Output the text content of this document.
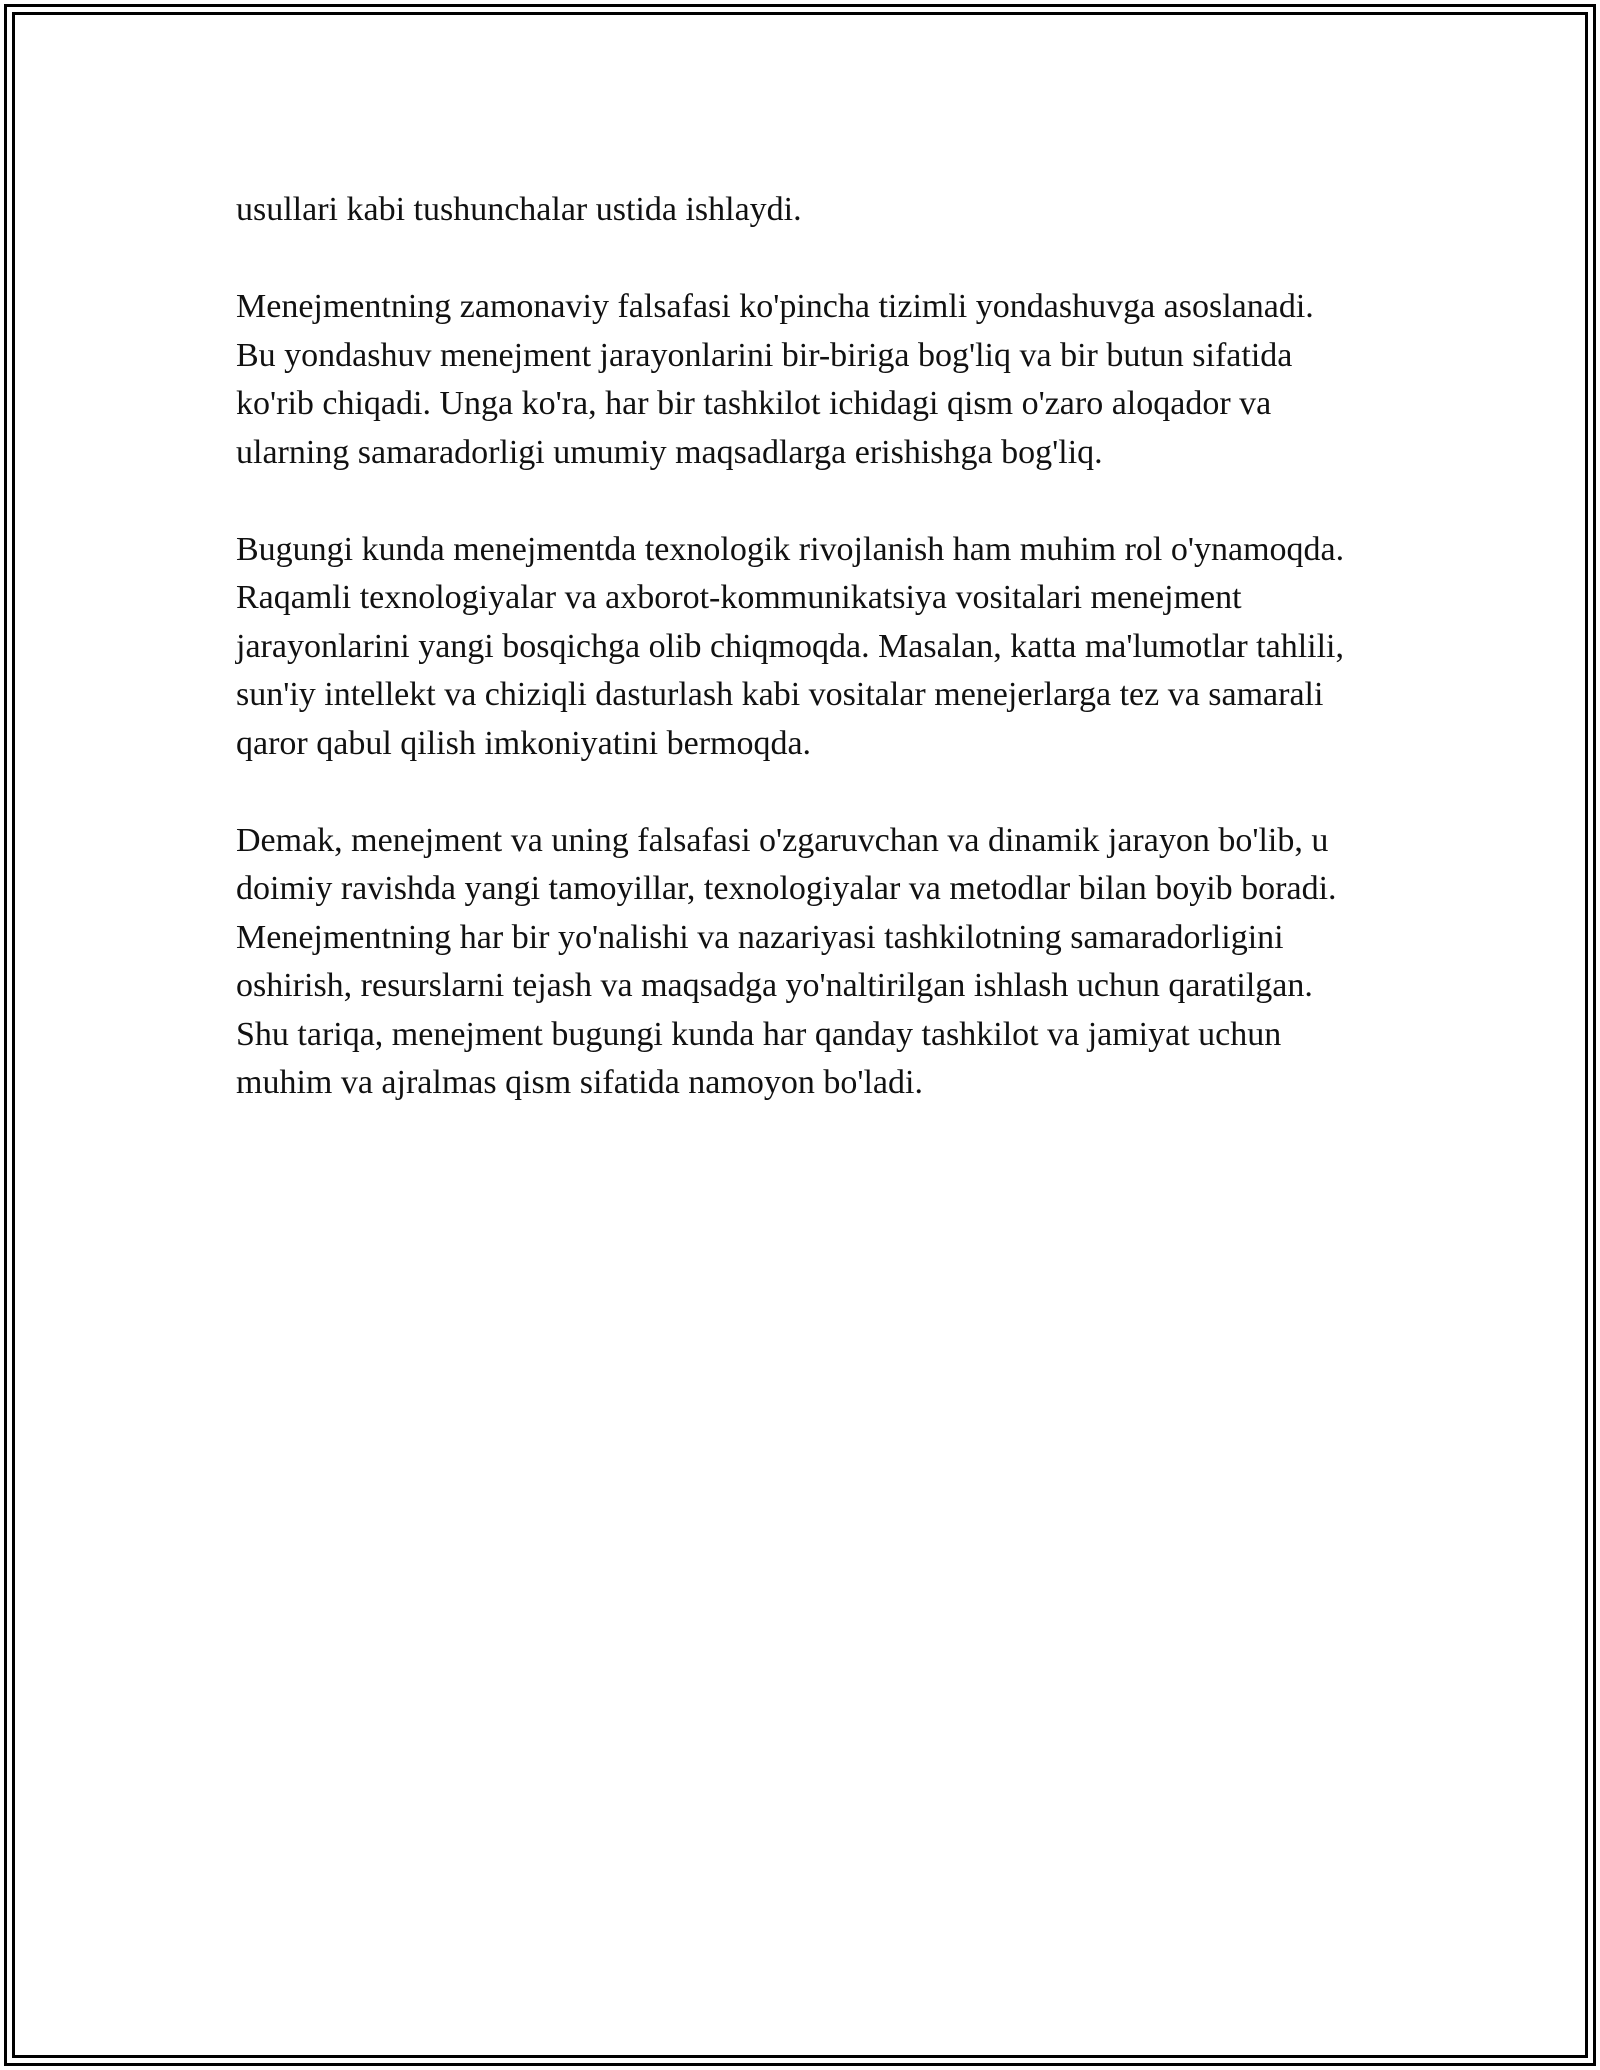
usullari kabi tushunchalar ustida ishlaydi.

Menejmentning zamonaviy falsafasi ko'pincha tizimli yondashuvga asoslanadi. Bu yondashuv menejment jarayonlarini bir-biriga bog'liq va bir butun sifatida ko'rib chiqadi. Unga ko'ra, har bir tashkilot ichidagi qism o'zaro aloqador va ularning samaradorligi umumiy maqsadlarga erishishga bog'liq.

Bugungi kunda menejmentda texnologik rivojlanish ham muhim rol o'ynamoqda. Raqamli texnologiyalar va axborot-kommunikatsiya vositalari menejment jarayonlarini yangi bosqichga olib chiqmoqda. Masalan, katta ma'lumotlar tahlili, sun'iy intellekt va chiziqli dasturlash kabi vositalar menejerlarga tez va samarali qaror qabul qilish imkoniyatini bermoqda.

Demak, menejment va uning falsafasi o'zgaruvchan va dinamik jarayon bo'lib, u doimiy ravishda yangi tamoyillar, texnologiyalar va metodlar bilan boyib boradi. Menejmentning har bir yo'nalishi va nazariyasi tashkilotning samaradorligini oshirish, resurslarni tejash va maqsadga yo'naltirilgan ishlash uchun qaratilgan. Shu tariqa, menejment bugungi kunda har qanday tashkilot va jamiyat uchun muhim va ajralmas qism sifatida namoyon bo'ladi.
